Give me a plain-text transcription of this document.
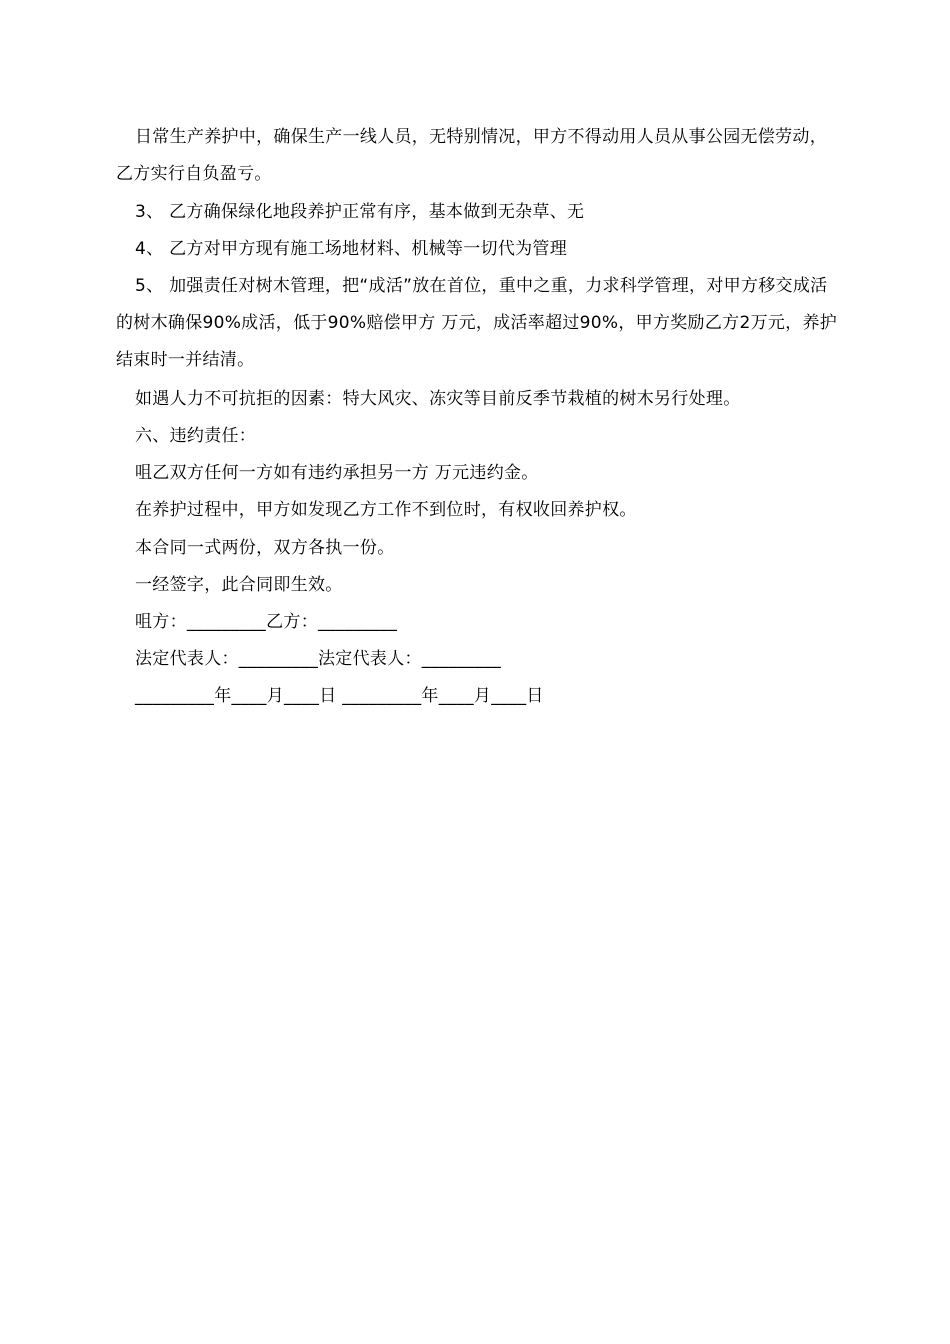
日常生产养护中，确保生产一线人员，无特别情况，甲方不得动用人员从事公园无偿劳动，乙方实行自负盈亏。
3、 乙方确保绿化地段养护正常有序，基本做到无杂草、无
4、 乙方对甲方现有施工场地材料、机械等一切代为管理
5、 加强责任对树木管理，把“成活”放在首位，重中之重，力求科学管理，对甲方移交成活的树木确保90%成活，低于90%赔偿甲方 万元，成活率超过90%，甲方奖励乙方2万元，养护结束时一并结清。
如遇人力不可抗拒的因素：特大风灾、冻灾等目前反季节栽植的树木另行处理。
六、违约责任：
咀乙双方任何一方如有违约承担另一方 万元违约金。
在养护过程中，甲方如发现乙方工作不到位时，有权收回养护权。
本合同一式两份，双方各执一份。
一经签字，此合同即生效。
咀方：_________乙方：_________
法定代表人：_________法定代表人：_________
_________年____月____日 _________年____月____日
